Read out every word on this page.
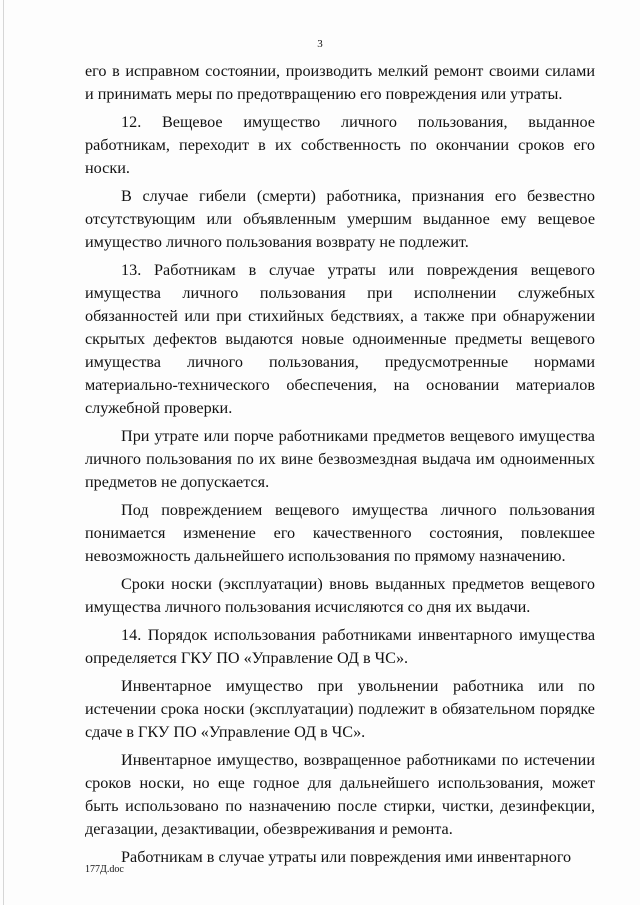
3

его в исправном состоянии, производить мелкий ремонт своими силами и принимать меры по предотвращению его повреждения или утраты.

12. Вещевое имущество личного пользования, выданное работникам, переходит в их собственность по окончании сроков его носки.

В случае гибели (смерти) работника, признания его безвестно отсутствующим или объявленным умершим выданное ему вещевое имущество личного пользования возврату не подлежит.

13. Работникам в случае утраты или повреждения вещевого имущества личного пользования при исполнении служебных обязанностей или при стихийных бедствиях, а также при обнаружении скрытых дефектов выдаются новые одноименные предметы вещевого имущества личного пользования, предусмотренные нормами материально-технического обеспечения, на основании материалов служебной проверки.

При утрате или порче работниками предметов вещевого имущества личного пользования по их вине безвозмездная выдача им одноименных предметов не допускается.

Под повреждением вещевого имущества личного пользования понимается изменение его качественного состояния, повлекшее невозможность дальнейшего использования по прямому назначению.

Сроки носки (эксплуатации) вновь выданных предметов вещевого имущества личного пользования исчисляются со дня их выдачи.

14. Порядок использования работниками инвентарного имущества определяется ГКУ ПО «Управление ОД в ЧС».

Инвентарное имущество при увольнении работника или по истечении срока носки (эксплуатации) подлежит в обязательном порядке сдаче в ГКУ ПО «Управление ОД в ЧС».

Инвентарное имущество, возвращенное работниками по истечении сроков носки, но еще годное для дальнейшего использования, может быть использовано по назначению после стирки, чистки, дезинфекции, дегазации, дезактивации, обезвреживания и ремонта.

Работникам в случае утраты или повреждения ими инвентарного

177Д.doc
